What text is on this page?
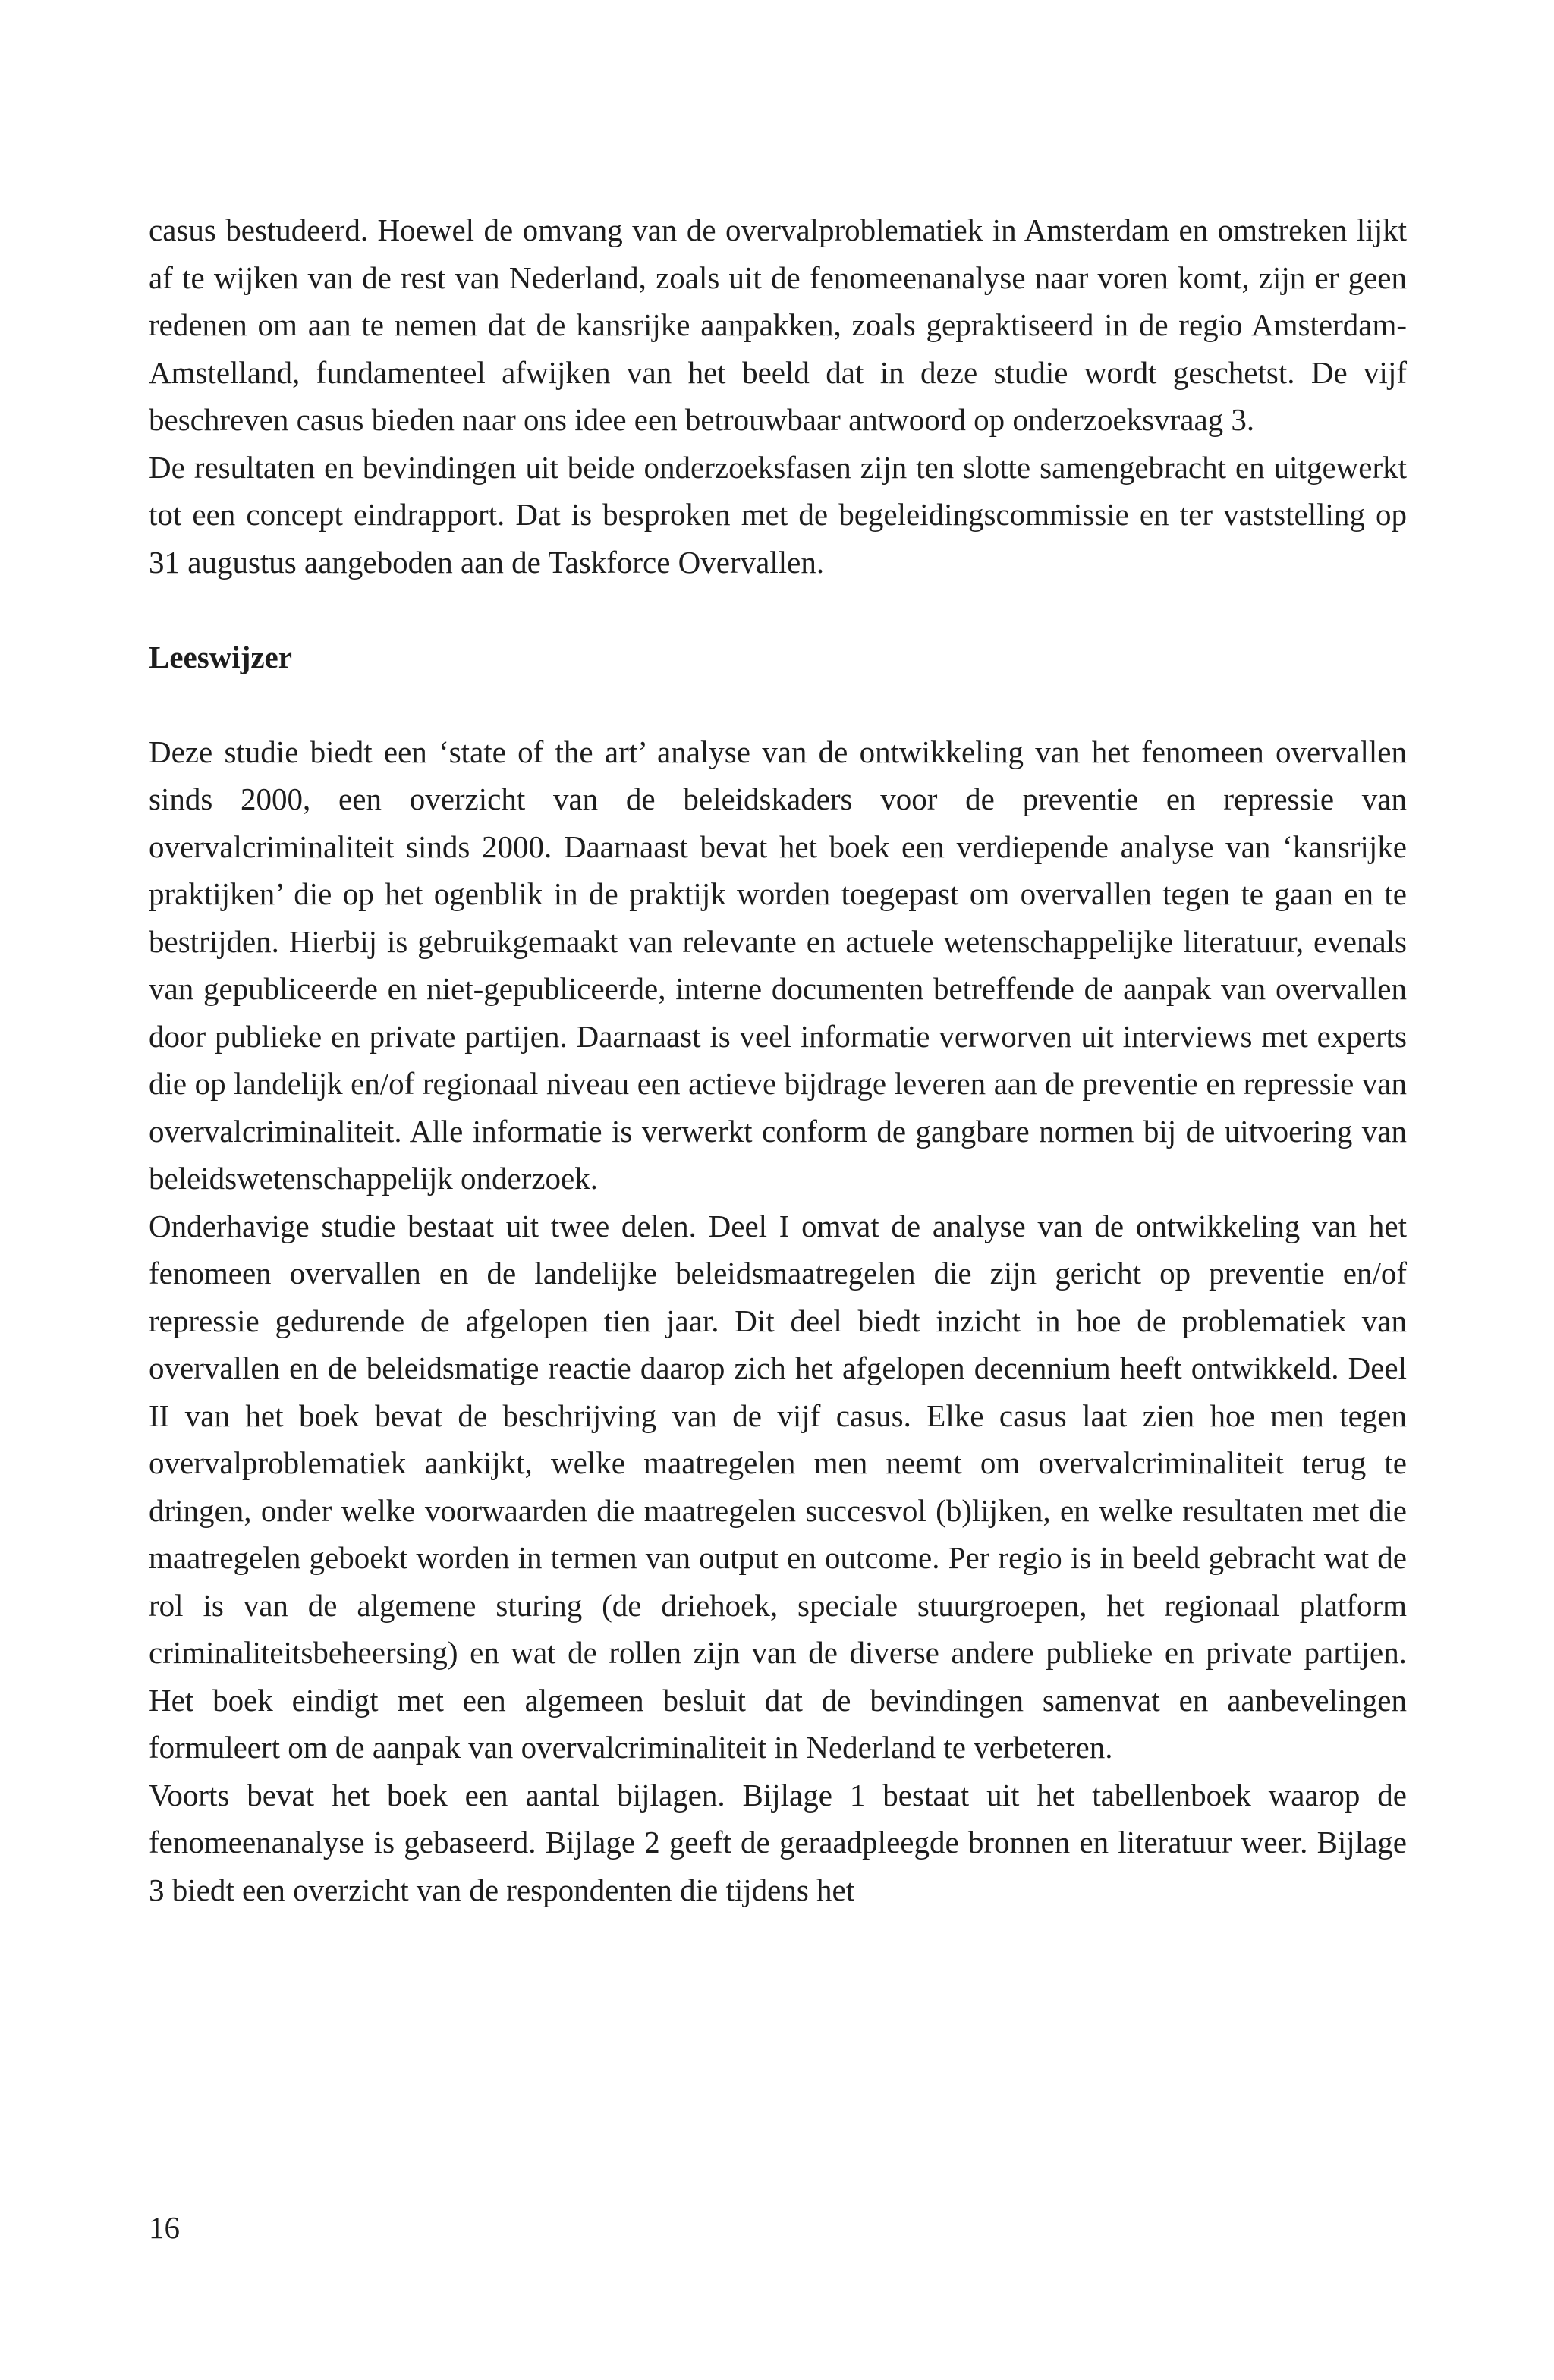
casus bestudeerd. Hoewel de omvang van de overvalproblematiek in Amsterdam en omstreken lijkt af te wijken van de rest van Nederland, zoals uit de fenomeenanalyse naar voren komt, zijn er geen redenen om aan te nemen dat de kansrijke aanpakken, zoals gepraktiseerd in de regio Amsterdam-Amstelland, fundamenteel afwijken van het beeld dat in deze studie wordt geschetst. De vijf beschreven casus bieden naar ons idee een betrouwbaar antwoord op onderzoeksvraag 3.

De resultaten en bevindingen uit beide onderzoeksfasen zijn ten slotte samengebracht en uitgewerkt tot een concept eindrapport. Dat is besproken met de begeleidingscommissie en ter vaststelling op 31 augustus aangeboden aan de Taskforce Overvallen.

Leeswijzer

Deze studie biedt een ‘state of the art’ analyse van de ontwikkeling van het fenomeen overvallen sinds 2000, een overzicht van de beleidskaders voor de preventie en repressie van overvalcriminaliteit sinds 2000. Daarnaast bevat het boek een verdiepende analyse van ‘kansrijke praktijken’ die op het ogenblik in de praktijk worden toegepast om overvallen tegen te gaan en te bestrijden. Hierbij is gebruikgemaakt van relevante en actuele wetenschappelijke literatuur, evenals van gepubliceerde en niet-gepubliceerde, interne documenten betreffende de aanpak van overvallen door publieke en private partijen. Daarnaast is veel informatie verworven uit interviews met experts die op landelijk en/of regionaal niveau een actieve bijdrage leveren aan de preventie en repressie van overvalcriminaliteit. Alle informatie is verwerkt conform de gangbare normen bij de uitvoering van beleidswetenschappelijk onderzoek.

Onderhavige studie bestaat uit twee delen. Deel I omvat de analyse van de ontwikkeling van het fenomeen overvallen en de landelijke beleidsmaatregelen die zijn gericht op preventie en/of repressie gedurende de afgelopen tien jaar. Dit deel biedt inzicht in hoe de problematiek van overvallen en de beleidsmatige reactie daarop zich het afgelopen decennium heeft ontwikkeld. Deel II van het boek bevat de beschrijving van de vijf casus. Elke casus laat zien hoe men tegen overvalproblematiek aankijkt, welke maatregelen men neemt om overvalcriminaliteit terug te dringen, onder welke voorwaarden die maatregelen succesvol (b)lijken, en welke resultaten met die maatregelen geboekt worden in termen van output en outcome. Per regio is in beeld gebracht wat de rol is van de algemene sturing (de driehoek, speciale stuurgroepen, het regionaal platform criminaliteitsbeheersing) en wat de rollen zijn van de diverse andere publieke en private partijen. Het boek eindigt met een algemeen besluit dat de bevindingen samenvat en aanbevelingen formuleert om de aanpak van overvalcriminaliteit in Nederland te verbeteren.

Voorts bevat het boek een aantal bijlagen. Bijlage 1 bestaat uit het tabellenboek waarop de fenomeenanalyse is gebaseerd. Bijlage 2 geeft de geraadpleegde bronnen en literatuur weer. Bijlage 3 biedt een overzicht van de respondenten die tijdens het

16
